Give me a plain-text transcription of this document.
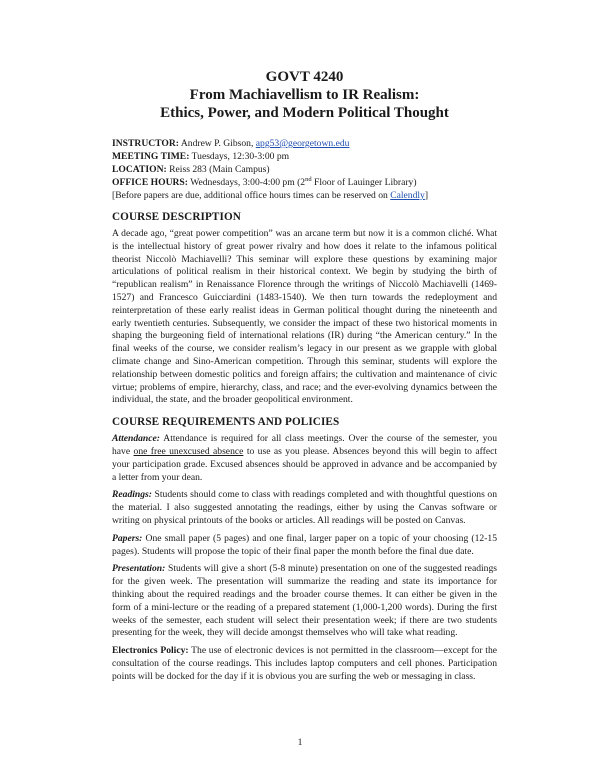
GOVT 4240
From Machiavellism to IR Realism:
Ethics, Power, and Modern Political Thought
INSTRUCTOR: Andrew P. Gibson, apg53@georgetown.edu
MEETING TIME: Tuesdays, 12:30-3:00 pm
LOCATION: Reiss 283 (Main Campus)
OFFICE HOURS: Wednesdays, 3:00-4:00 pm (2nd Floor of Lauinger Library)
[Before papers are due, additional office hours times can be reserved on Calendly]
COURSE DESCRIPTION

A decade ago, “great power competition” was an arcane term but now it is a common cliché. What is the intellectual history of great power rivalry and how does it relate to the infamous political theorist Niccolò Machiavelli? This seminar will explore these questions by examining major articulations of political realism in their historical context. We begin by studying the birth of “republican realism” in Renaissance Florence through the writings of Niccolò Machiavelli (1469-1527) and Francesco Guicciardini (1483-1540). We then turn towards the redeployment and reinterpretation of these early realist ideas in German political thought during the nineteenth and early twentieth centuries. Subsequently, we consider the impact of these two historical moments in shaping the burgeoning field of international relations (IR) during “the American century.” In the final weeks of the course, we consider realism’s legacy in our present as we grapple with global climate change and Sino-American competition. Through this seminar, students will explore the relationship between domestic politics and foreign affairs; the cultivation and maintenance of civic virtue; problems of empire, hierarchy, class, and race; and the ever-evolving dynamics between the individual, the state, and the broader geopolitical environment.

COURSE REQUIREMENTS AND POLICIES

Attendance: Attendance is required for all class meetings. Over the course of the semester, you have one free unexcused absence to use as you please. Absences beyond this will begin to affect your participation grade. Excused absences should be approved in advance and be accompanied by a letter from your dean.

Readings: Students should come to class with readings completed and with thoughtful questions on the material. I also suggested annotating the readings, either by using the Canvas software or writing on physical printouts of the books or articles. All readings will be posted on Canvas.

Papers: One small paper (5 pages) and one final, larger paper on a topic of your choosing (12-15 pages). Students will propose the topic of their final paper the month before the final due date.

Presentation: Students will give a short (5-8 minute) presentation on one of the suggested readings for the given week. The presentation will summarize the reading and state its importance for thinking about the required readings and the broader course themes. It can either be given in the form of a mini-lecture or the reading of a prepared statement (1,000-1,200 words). During the first weeks of the semester, each student will select their presentation week; if there are two students presenting for the week, they will decide amongst themselves who will take what reading.

Electronics Policy: The use of electronic devices is not permitted in the classroom—except for the consultation of the course readings. This includes laptop computers and cell phones. Participation points will be docked for the day if it is obvious you are surfing the web or messaging in class.

1
